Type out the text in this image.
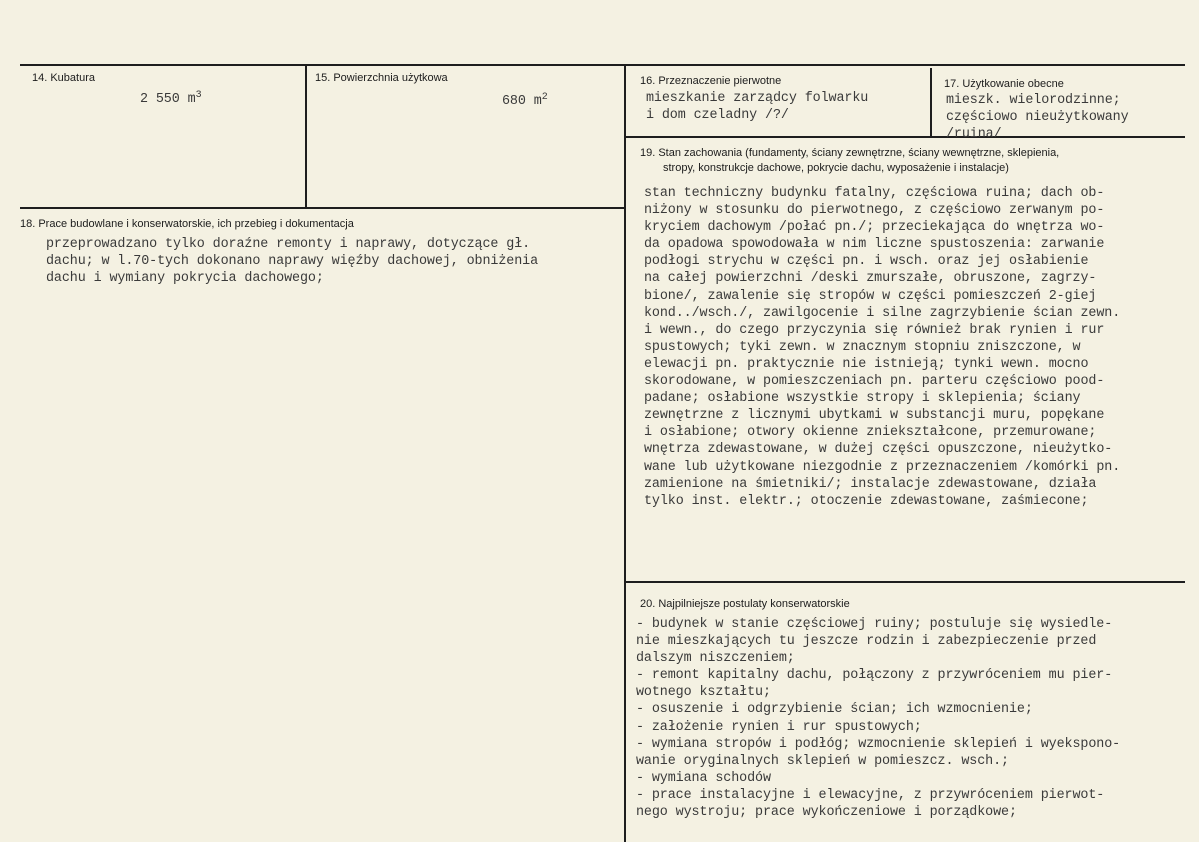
14. Kubatura
2 550 $m^3$
15. Powierzchnia użytkowa
680 $m^2$
16. Przeznaczenie pierwotne
mieszkanie zarządcy folwarku
i dom czeladny /?/
17. Użytkowanie obecne
mieszk. wielorodzinne;
częściowo nieużytkowany
/ruina/
18. Prace budowlane i konserwatorskie, ich przebieg i dokumentacja
przeprowadzano tylko doraźne remonty i naprawy, dotyczące gł.
dachu; w l.70-tych dokonano naprawy więźby dachowej, obniżenia
dachu i wymiany pokrycia dachowego;
19. Stan zachowania (fundamenty, ściany zewnętrzne, ściany wewnętrzne, sklepienia,
stropy, konstrukcje dachowe, pokrycie dachu, wyposażenie i instalacje)
stan techniczny budynku fatalny, częściowa ruina; dach ob-
niżony w stosunku do pierwotnego, z częściowo zerwanym po-
kryciem dachowym /połać pn./; przeciekająca do wnętrza wo-
da opadowa spowodowała w nim liczne spustoszenia: zarwanie
podłogi strychu w części pn. i wsch. oraz jej osłabienie
na całej powierzchni /deski zmurszałe, obruszone, zagrzy-
bione/, zawalenie się stropów w części pomieszczeń 2-giej
kond../wsch./, zawilgocenie i silne zagrzybienie ścian zewn.
i wewn., do czego przyczynia się również brak rynien i rur
spustowych; tyki zewn. w znacznym stopniu zniszczone, w
elewacji pn. praktycznie nie istnieją; tynki wewn. mocno
skorodowane, w pomieszczeniach pn. parteru częściowo pood-
padane; osłabione wszystkie stropy i sklepienia; ściany
zewnętrzne z licznymi ubytkami w substancji muru, popękane
i osłabione; otwory okienne zniekształcone, przemurowane;
wnętrza zdewastowane, w dużej części opuszczone, nieużytko-
wane lub użytkowane niezgodnie z przeznaczeniem /komórki pn.
zamienione na śmietniki/; instalacje zdewastowane, działa
tylko inst. elektr.; otoczenie zdewastowane, zaśmiecone;
20. Najpilniejsze postulaty konserwatorskie
- budynek w stanie częściowej ruiny; postuluje się wysiedle-
nie mieszkających tu jeszcze rodzin i zabezpieczenie przed
dalszym niszczeniem;
- remont kapitalny dachu, połączony z przywróceniem mu pier-
wotnego kształtu;
- osuszenie i odgrzybienie ścian; ich wzmocnienie;
- założenie rynien i rur spustowych;
- wymiana stropów i podłóg; wzmocnienie sklepień i wyekspono-
wanie oryginalnych sklepień w pomieszcz. wsch.;
- wymiana schodów
- prace instalacyjne i elewacyjne, z przywróceniem pierwot-
nego wystroju; prace wykończeniowe i porządkowe;
